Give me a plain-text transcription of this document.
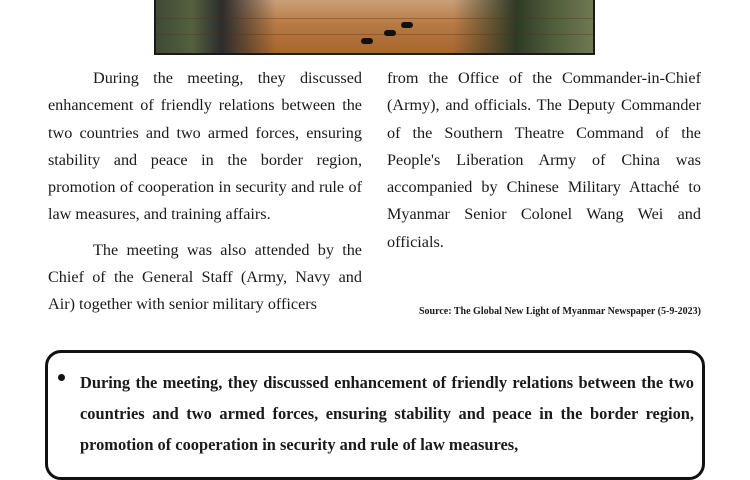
During the meeting, they discussed enhancement of friendly relations between the two countries and two armed forces, ensuring stability and peace in the border region, promotion of cooperation in security and rule of law measures, and training affairs.

The meeting was also attended by the Chief of the General Staff (Army, Navy and Air) together with senior military officers

from the Office of the Commander-in-Chief (Army), and officials. The Deputy Commander of the Southern Theatre Command of the People's Liberation Army of China was accompanied by Chinese Military Attaché to Myanmar Senior Colonel Wang Wei and officials.

Source: The Global New Light of Myanmar Newspaper (5-9-2023)
During the meeting, they discussed enhancement of friendly relations between the two countries and two armed forces, ensuring stability and peace in the border region, promotion of cooperation in security and rule of law measures,
